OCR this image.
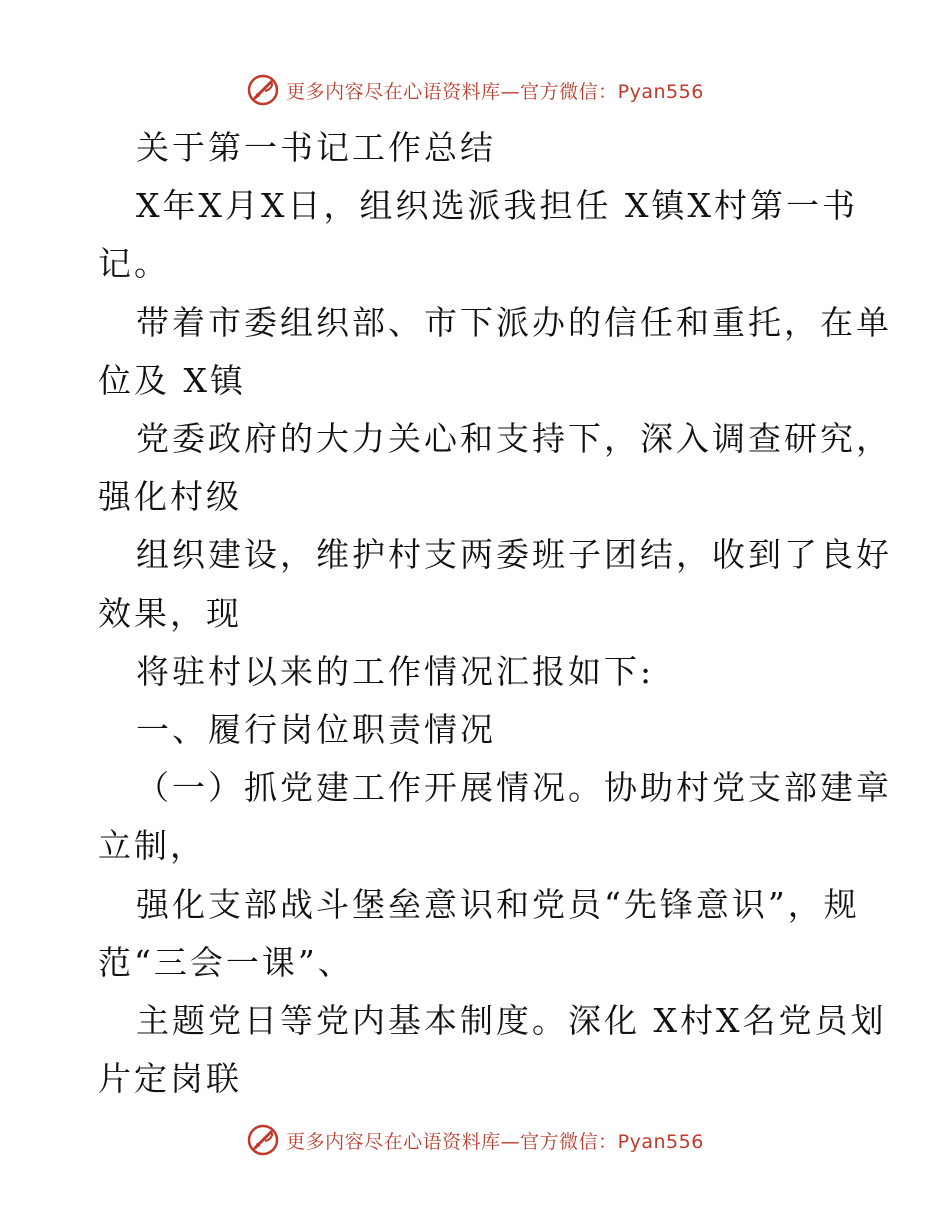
更多内容尽在心语资料库—官方微信：Pyan556
关于第一书记工作总结
X年X月X日，组织选派我担任 X镇X村第一书
记。
带着市委组织部、市下派办的信任和重托，在单
位及 X镇
党委政府的大力关心和支持下，深入调查研究，
强化村级
组织建设，维护村支两委班子团结，收到了良好
效果，现
将驻村以来的工作情况汇报如下:
一、履行岗位职责情况
（一）抓党建工作开展情况。协助村党支部建章
立制，
强化支部战斗堡垒意识和党员“先锋意识”，规
范“三会一课”、
主题党日等党内基本制度。深化 X村X名党员划
片定岗联
更多内容尽在心语资料库—官方微信：Pyan556
